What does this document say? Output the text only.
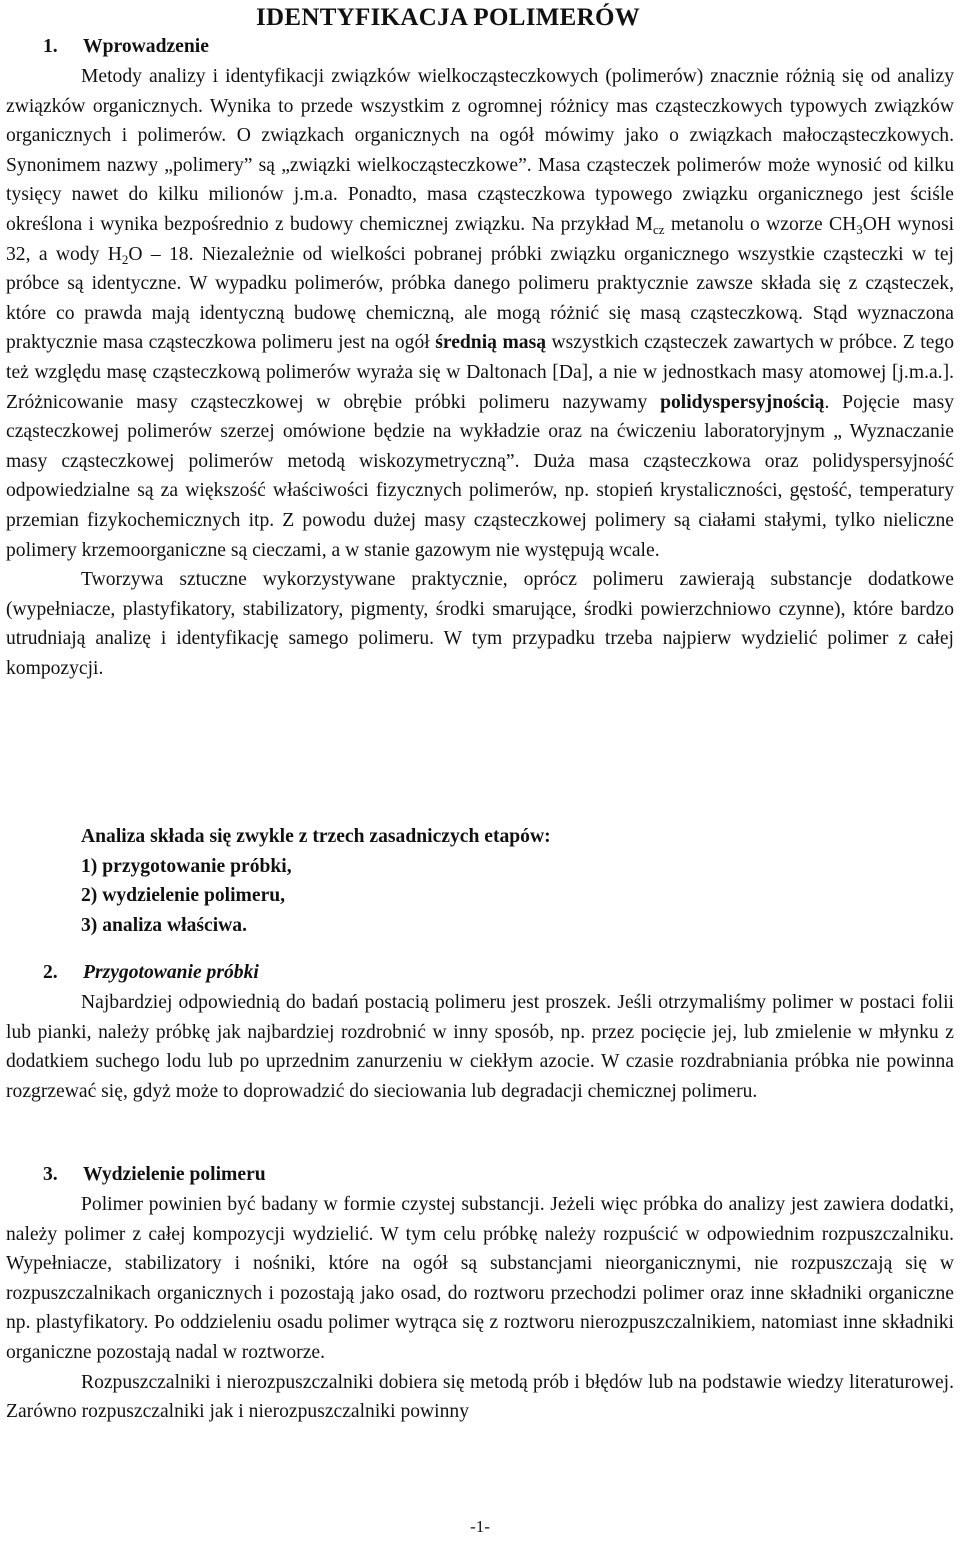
IDENTYFIKACJA POLIMERÓW
1. Wprowadzenie

Metody analizy i identyfikacji związków wielkocząsteczkowych (polimerów) znacznie różnią się od analizy związków organicznych. Wynika to przede wszystkim z ogromnej różnicy mas cząsteczkowych typowych związków organicznych i polimerów. O związkach organicznych na ogół mówimy jako o związkach małocząsteczkowych. Synonimem nazwy „polimery” są „związki wielkocząsteczkowe”. Masa cząsteczek polimerów może wynosić od kilku tysięcy nawet do kilku milionów j.m.a. Ponadto, masa cząsteczkowa typowego związku organicznego jest ściśle określona i wynika bezpośrednio z budowy chemicznej związku. Na przykład $M_{cz}$ metanolu o wzorze $CH_3OH$ wynosi 32, a wody $H_2O - 18$. Niezależnie od wielkości pobranej próbki związku organicznego wszystkie cząsteczki w tej próbce są identyczne. W wypadku polimerów, próbka danego polimeru praktycznie zawsze składa się z cząsteczek, które co prawda mają identyczną budowę chemiczną, ale mogą różnić się masą cząsteczkową. Stąd wyznaczona praktycznie masa cząsteczkowa polimeru jest na ogół średnią masą wszystkich cząsteczek zawartych w próbce. Z tego też względu masę cząsteczkową polimerów wyraża się w Daltonach [Da], a nie w jednostkach masy atomowej [j.m.a.]. Zróżnicowanie masy cząsteczkowej w obrębie próbki polimeru nazywamy polidyspersyjnością. Pojęcie masy cząsteczkowej polimerów szerzej omówione będzie na wykładzie oraz na ćwiczeniu laboratoryjnym „ Wyznaczanie masy cząsteczkowej polimerów metodą wiskozymetryczną”. Duża masa cząsteczkowa oraz polidyspersyjność odpowiedzialne są za większość właściwości fizycznych polimerów, np. stopień krystaliczności, gęstość, temperatury przemian fizykochemicznych itp. Z powodu dużej masy cząsteczkowej polimery są ciałami stałymi, tylko nieliczne polimery krzemoorganiczne są cieczami, a w stanie gazowym nie występują wcale.

Tworzywa sztuczne wykorzystywane praktycznie, oprócz polimeru zawierają substancje dodatkowe (wypełniacze, plastyfikatory, stabilizatory, pigmenty, środki smarujące, środki powierzchniowo czynne), które bardzo utrudniają analizę i identyfikację samego polimeru. W tym przypadku trzeba najpierw wydzielić polimer z całej kompozycji.

Analiza składa się zwykle z trzech zasadniczych etapów:
1) przygotowanie próbki,
2) wydzielenie polimeru,
3) analiza właściwa.
2. Przygotowanie próbki

Najbardziej odpowiednią do badań postacią polimeru jest proszek. Jeśli otrzymaliśmy polimer w postaci folii lub pianki, należy próbkę jak najbardziej rozdrobnić w inny sposób, np. przez pocięcie jej, lub zmielenie w młynku z dodatkiem suchego lodu lub po uprzednim zanurzeniu w ciekłym azocie. W czasie rozdrabniania próbka nie powinna rozgrzewać się, gdyż może to doprowadzić do sieciowania lub degradacji chemicznej polimeru.

3. Wydzielenie polimeru

Polimer powinien być badany w formie czystej substancji. Jeżeli więc próbka do analizy jest zawiera dodatki, należy polimer z całej kompozycji wydzielić. W tym celu próbkę należy rozpuścić w odpowiednim rozpuszczalniku. Wypełniacze, stabilizatory i nośniki, które na ogół są substancjami nieorganicznymi, nie rozpuszczają się w rozpuszczalnikach organicznych i pozostają jako osad, do roztworu przechodzi polimer oraz inne składniki organiczne np. plastyfikatory. Po oddzieleniu osadu polimer wytrąca się z roztworu nierozpuszczalnikiem, natomiast inne składniki organiczne pozostają nadal w roztworze.

Rozpuszczalniki i nierozpuszczalniki dobiera się metodą prób i błędów lub na podstawie wiedzy literaturowej. Zarówno rozpuszczalniki jak i nierozpuszczalniki powinny

-1-
